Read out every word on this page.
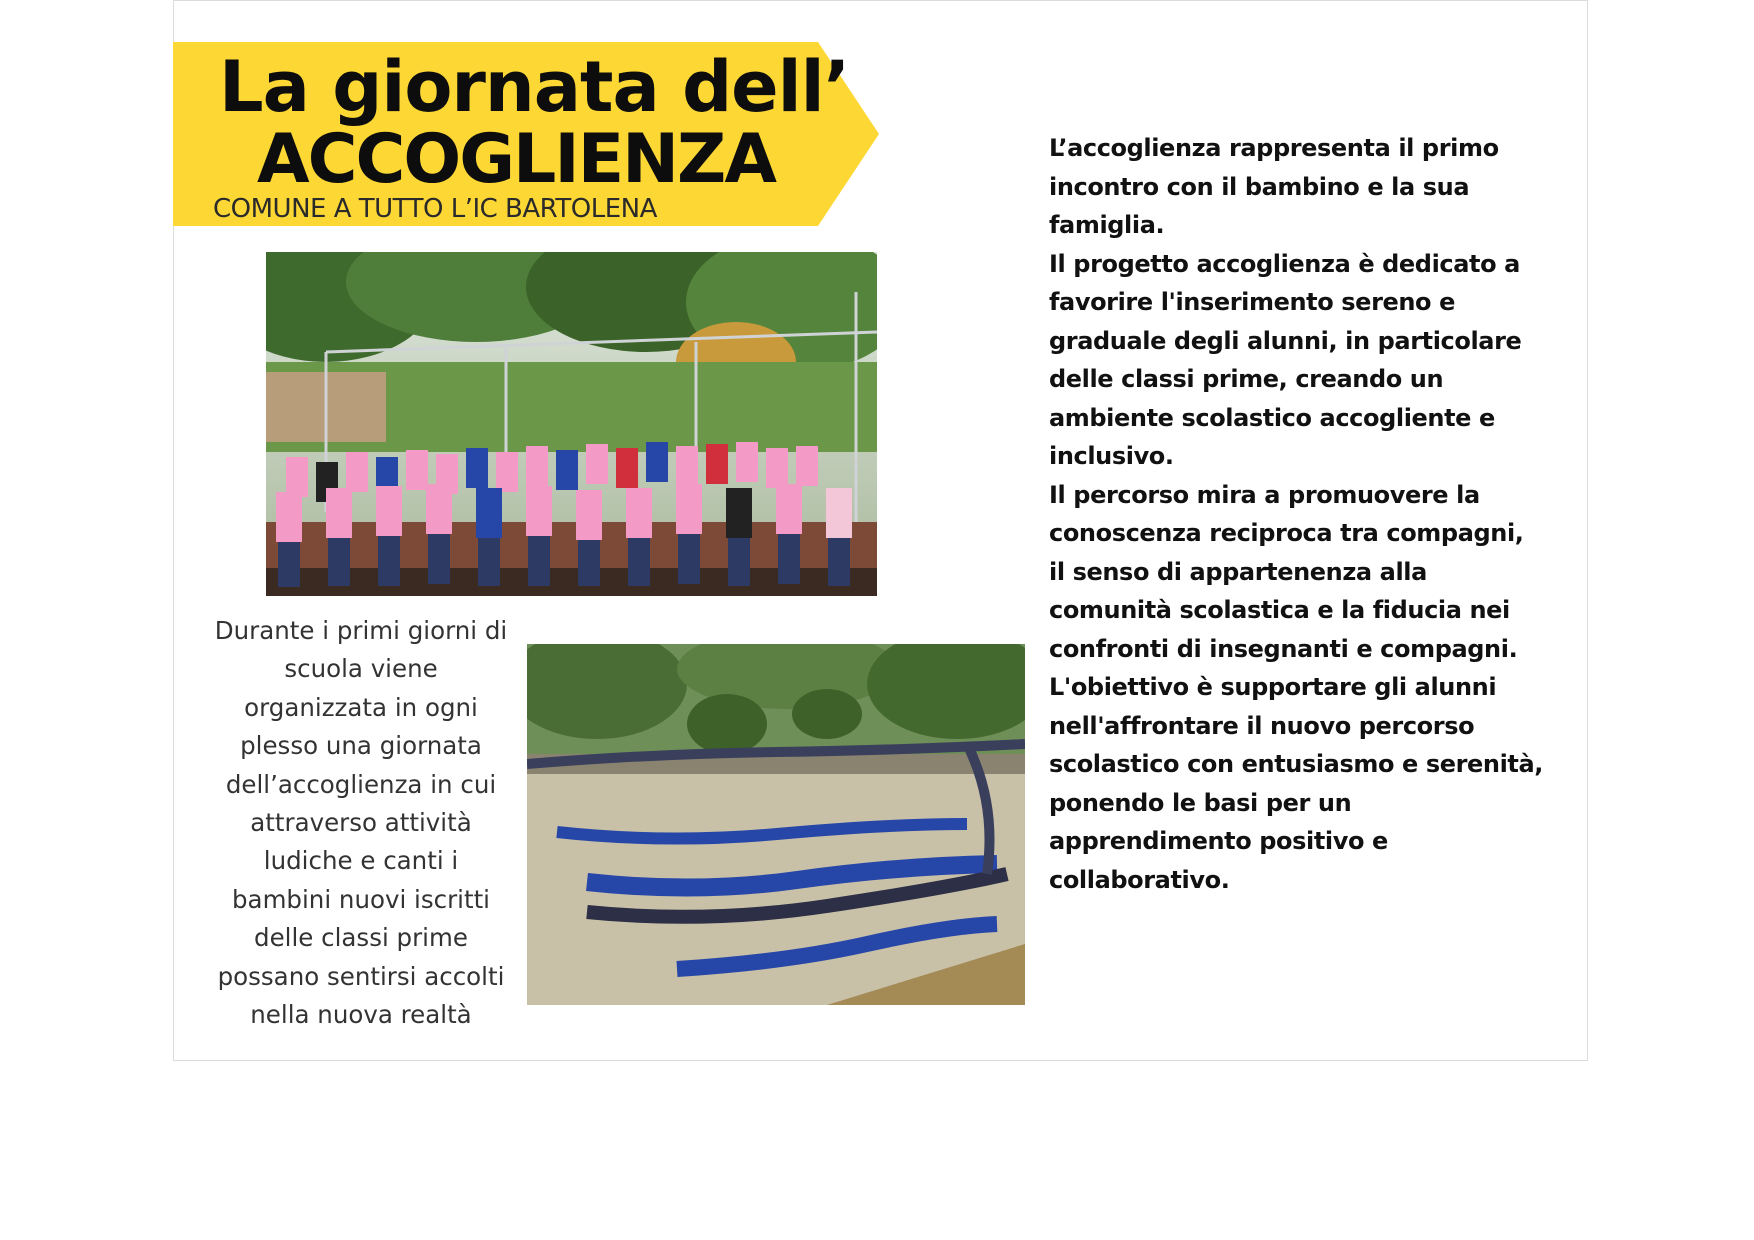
La giornata dell’
ACCOGLIENZA
COMUNE A TUTTO L’IC BARTOLENA
Durante i primi giorni di
scuola viene
organizzata in ogni
plesso una giornata
dell’accoglienza in cui
attraverso attività
ludiche e canti i
bambini nuovi iscritti
delle classi prime
possano sentirsi accolti
nella nuova realtà
L’accoglienza rappresenta il primo
incontro con il bambino e la sua
famiglia.
Il progetto accoglienza è dedicato a
favorire l'inserimento sereno e
graduale degli alunni, in particolare
delle classi prime, creando un
ambiente scolastico accogliente e
inclusivo.
Il percorso mira a promuovere la
conoscenza reciproca tra compagni,
il senso di appartenenza alla
comunità scolastica e la fiducia nei
confronti di insegnanti e compagni.
L'obiettivo è supportare gli alunni
nell'affrontare il nuovo percorso
scolastico con entusiasmo e serenità,
ponendo le basi per un
apprendimento positivo e
collaborativo.
